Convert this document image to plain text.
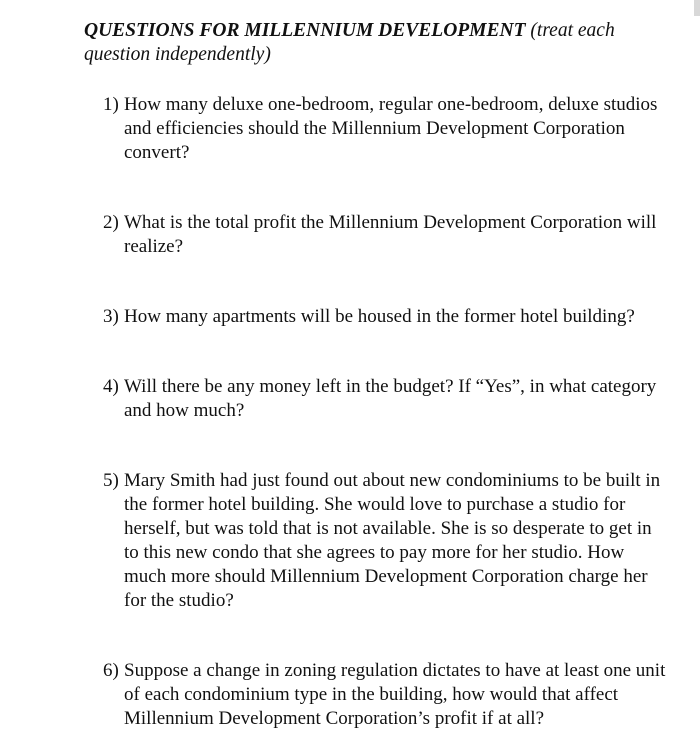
QUESTIONS FOR MILLENNIUM DEVELOPMENT (treat each question independently)
1) How many deluxe one-bedroom, regular one-bedroom, deluxe studios and efficiencies should the Millennium Development Corporation convert?
2) What is the total profit the Millennium Development Corporation will realize?
3) How many apartments will be housed in the former hotel building?
4) Will there be any money left in the budget? If “Yes”, in what category and how much?
5) Mary Smith had just found out about new condominiums to be built in the former hotel building. She would love to purchase a studio for herself, but was told that is not available. She is so desperate to get in to this new condo that she agrees to pay more for her studio. How much more should Millennium Development Corporation charge her for the studio?
6) Suppose a change in zoning regulation dictates to have at least one unit of each condominium type in the building, how would that affect Millennium Development Corporation’s profit if at all?
